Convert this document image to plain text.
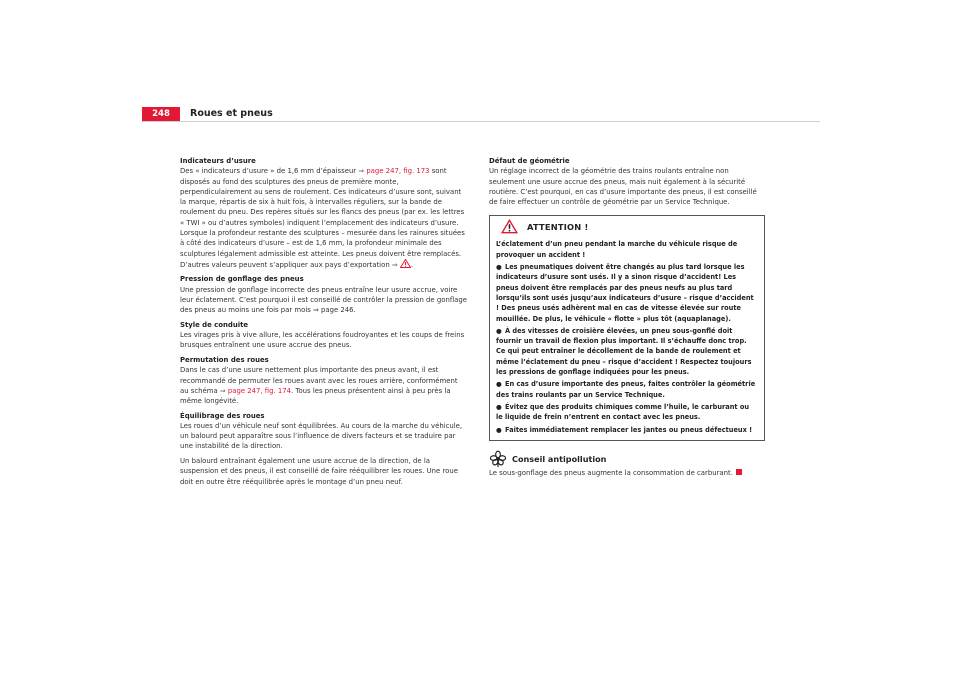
248	Roues et pneus
Indicateurs d’usure

Des « indicateurs d’usure » de 1,6 mm d’épaisseur ⇒ page 247, fig. 173 sont disposés au fond des sculptures des pneus de première monte, perpendiculairement au sens de roulement. Ces indicateurs d’usure sont, suivant la marque, répartis de six à huit fois, à intervalles réguliers, sur la bande de roulement du pneu. Des repères situés sur les flancs des pneus (par ex. les lettres « TWI » ou d’autres symboles) indiquent l’emplacement des indicateurs d’usure. Lorsque la profondeur restante des sculptures – mesurée dans les rainures situées à côté des indicateurs d’usure – est de 1,6 mm, la profondeur minimale des sculptures légalement admissible est atteinte. Les pneus doivent être remplacés. D’autres valeurs peuvent s’appliquer aux pays d’exportation ⇒ .

Pression de gonflage des pneus

Une pression de gonflage incorrecte des pneus entraîne leur usure accrue, voire leur éclatement. C’est pourquoi il est conseillé de contrôler la pression de gonflage des pneus au moins une fois par mois ⇒ page 246.

Style de conduite

Les virages pris à vive allure, les accélérations foudroyantes et les coups de freins brusques entraînent une usure accrue des pneus.

Permutation des roues

Dans le cas d’une usure nettement plus importante des pneus avant, il est recommandé de permuter les roues avant avec les roues arrière, conformément au schéma ⇒ page 247, fig. 174. Tous les pneus présentent ainsi à peu près la même longévité.

Équilibrage des roues

Les roues d’un véhicule neuf sont équilibrées. Au cours de la marche du véhicule, un balourd peut apparaître sous l’influence de divers facteurs et se traduire par une instabilité de la direction.

Un balourd entraînant également une usure accrue de la direction, de la suspension et des pneus, il est conseillé de faire rééquilibrer les roues. Une roue doit en outre être rééquilibrée après le montage d’un pneu neuf.

Défaut de géométrie

Un réglage incorrect de la géométrie des trains roulants entraîne non seulement une usure accrue des pneus, mais nuit également à la sécurité routière. C’est pourquoi, en cas d’usure importante des pneus, il est conseillé de faire effectuer un contrôle de géométrie par un Service Technique.

ATTENTION !

L’éclatement d’un pneu pendant la marche du véhicule risque de provoquer un accident !

● Les pneumatiques doivent être changés au plus tard lorsque les indicateurs d’usure sont usés. Il y a sinon risque d’accident! Les pneus doivent être remplacés par des pneus neufs au plus tard lorsqu’ils sont usés jusqu’aux indicateurs d’usure – risque d’accident ! Des pneus usés adhèrent mal en cas de vitesse élevée sur route mouillée. De plus, le véhicule « flotte » plus tôt (aquaplanage).

● À des vitesses de croisière élevées, un pneu sous-gonflé doit fournir un travail de flexion plus important. Il s’échauffe donc trop. Ce qui peut entraîner le décollement de la bande de roulement et même l’éclatement du pneu – risque d’accident ! Respectez toujours les pressions de gonflage indiquées pour les pneus.

● En cas d’usure importante des pneus, faites contrôler la géométrie des trains roulants par un Service Technique.

● Évitez que des produits chimiques comme l’huile, le carburant ou le liquide de frein n’entrent en contact avec les pneus.

● Faites immédiatement remplacer les jantes ou pneus défectueux !

Conseil antipollution

Le sous-gonflage des pneus augmente la consommation de carburant.
